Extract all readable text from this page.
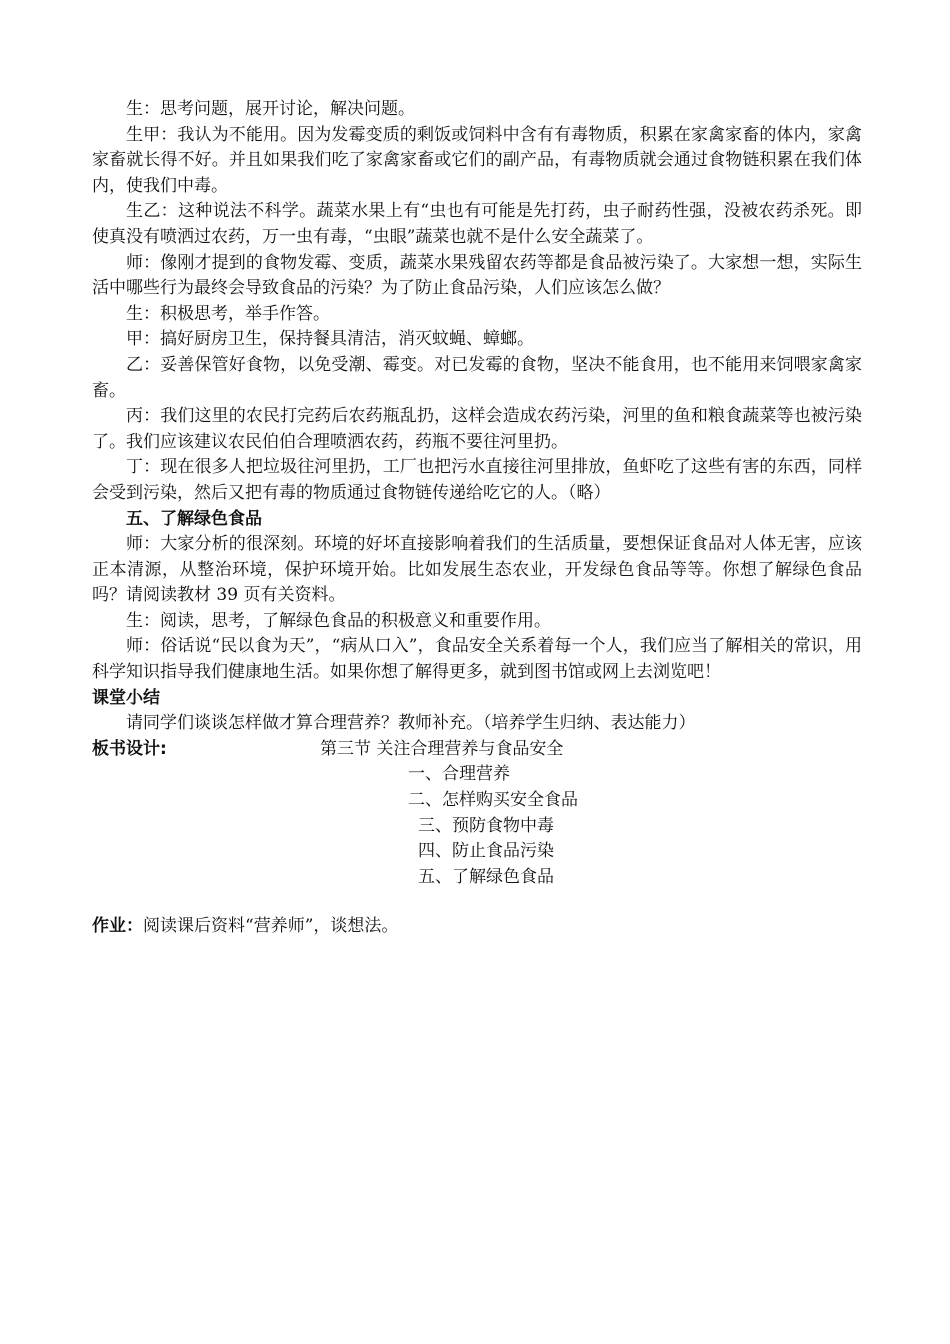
生：思考问题，展开讨论，解决问题。

生甲：我认为不能用。因为发霉变质的剩饭或饲料中含有有毒物质，积累在家禽家畜的体内，家禽家畜就长得不好。并且如果我们吃了家禽家畜或它们的副产品，有毒物质就会通过食物链积累在我们体内，使我们中毒。

生乙：这种说法不科学。蔬菜水果上有“虫也有可能是先打药，虫子耐药性强，没被农药杀死。即使真没有喷洒过农药，万一虫有毒，“虫眼”蔬菜也就不是什么安全蔬菜了。

师：像刚才提到的食物发霉、变质，蔬菜水果残留农药等都是食品被污染了。大家想一想，实际生活中哪些行为最终会导致食品的污染？为了防止食品污染，人们应该怎么做？

生：积极思考，举手作答。

甲：搞好厨房卫生，保持餐具清洁，消灭蚊蝇、蟑螂。

乙：妥善保管好食物，以免受潮、霉变。对已发霉的食物，坚决不能食用，也不能用来饲喂家禽家畜。

丙：我们这里的农民打完药后农药瓶乱扔，这样会造成农药污染，河里的鱼和粮食蔬菜等也被污染了。我们应该建议农民伯伯合理喷洒农药，药瓶不要往河里扔。

丁：现在很多人把垃圾往河里扔，工厂也把污水直接往河里排放，鱼虾吃了这些有害的东西，同样会受到污染，然后又把有毒的物质通过食物链传递给吃它的人。（略）

五、了解绿色食品

师：大家分析的很深刻。环境的好坏直接影响着我们的生活质量，要想保证食品对人体无害，应该正本清源，从整治环境，保护环境开始。比如发展生态农业，开发绿色食品等等。你想了解绿色食品吗？请阅读教材 39 页有关资料。

生：阅读，思考，了解绿色食品的积极意义和重要作用。

师：俗话说“民以食为天”，“病从口入”，食品安全关系着每一个人，我们应当了解相关的常识，用科学知识指导我们健康地生活。如果你想了解得更多，就到图书馆或网上去浏览吧！

课堂小结

请同学们谈谈怎样做才算合理营养？教师补充。（培养学生归纳、表达能力）

板书设计:	第三节 关注合理营养与食品安全

一、合理营养

二、怎样购买安全食品

三、预防食物中毒

四、防止食品污染

五、了解绿色食品

作业：阅读课后资料“营养师”，谈想法。
